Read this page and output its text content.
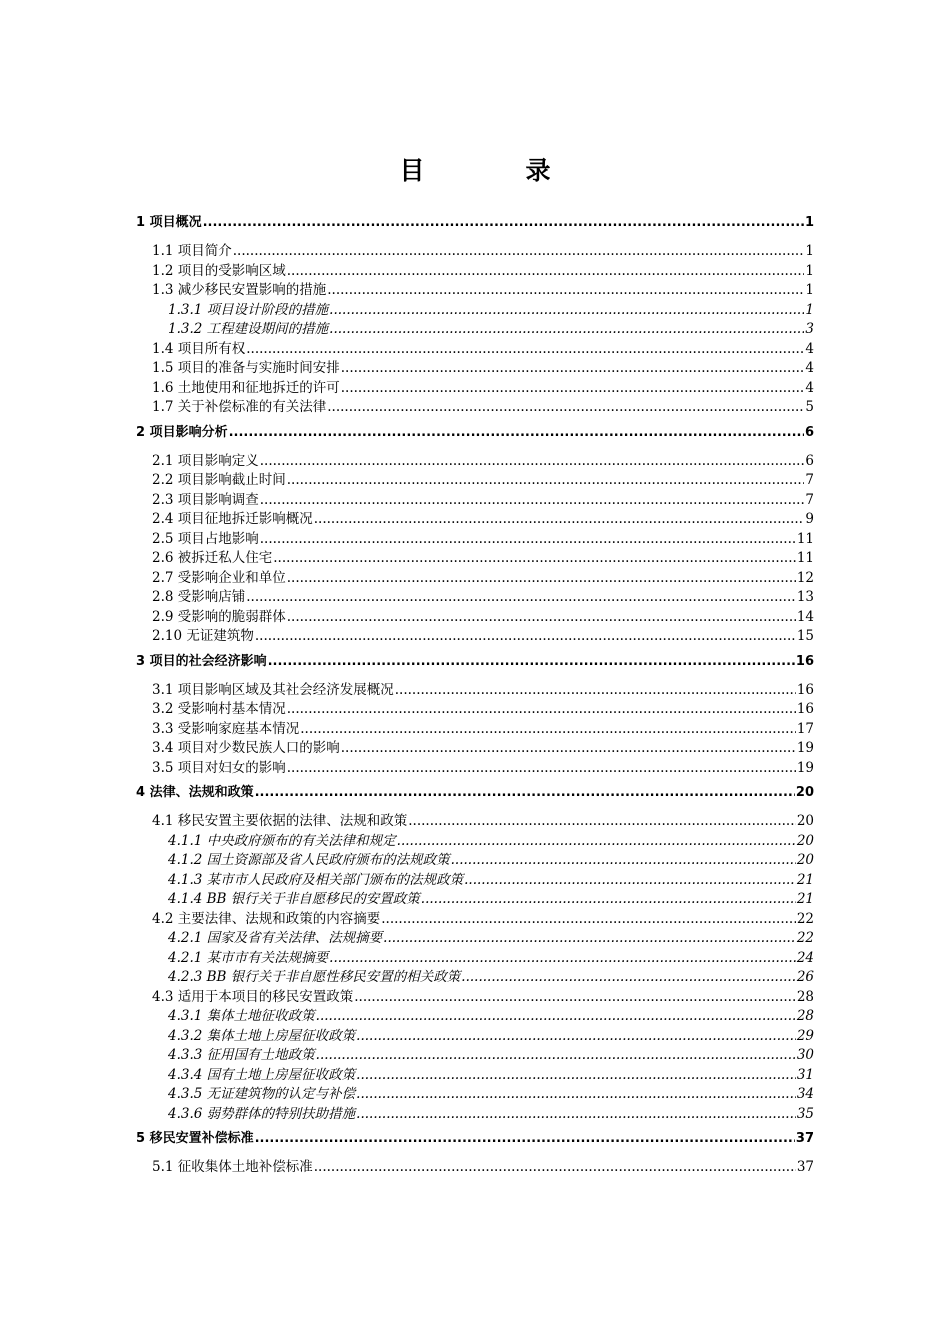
目　录
1 项目概况 .....	1
1.1 项目简介 .....	1
1.2 项目的受影响区域 .....	1
1.3 减少移民安置影响的措施 .....	1
1.3.1 项目设计阶段的措施 .....	1
1.3.2 工程建设期间的措施 .....	3
1.4 项目所有权 .....	4
1.5 项目的准备与实施时间安排 .....	4
1.6 土地使用和征地拆迁的许可 .....	4
1.7 关于补偿标准的有关法律 .....	5
2 项目影响分析 .....	6
2.1 项目影响定义 .....	6
2.2 项目影响截止时间 .....	7
2.3 项目影响调查 .....	7
2.4 项目征地拆迁影响概况 .....	9
2.5 项目占地影响 .....	11
2.6 被拆迁私人住宅 .....	11
2.7 受影响企业和单位 .....	12
2.8 受影响店铺 .....	13
2.9 受影响的脆弱群体 .....	14
2.10 无证建筑物 .....	15
3 项目的社会经济影响 .....	16
3.1 项目影响区域及其社会经济发展概况 .....	16
3.2 受影响村基本情况 .....	16
3.3 受影响家庭基本情况 .....	17
3.4 项目对少数民族人口的影响 .....	19
3.5 项目对妇女的影响 .....	19
4 法律、法规和政策 .....	20
4.1 移民安置主要依据的法律、法规和政策 .....	20
4.1.1 中央政府颁布的有关法律和规定 .....	20
4.1.2 国土资源部及省人民政府颁布的法规政策 .....	20
4.1.3 某市市人民政府及相关部门颁布的法规政策 .....	21
4.1.4 BB 银行关于非自愿移民的安置政策 .....	21
4.2 主要法律、法规和政策的内容摘要 .....	22
4.2.1 国家及省有关法律、法规摘要 .....	22
4.2.1 某市市有关法规摘要 .....	24
4.2.3 BB 银行关于非自愿性移民安置的相关政策 .....	26
4.3 适用于本项目的移民安置政策 .....	28
4.3.1 集体土地征收政策 .....	28
4.3.2 集体土地上房屋征收政策 .....	29
4.3.3 征用国有土地政策 .....	30
4.3.4 国有土地上房屋征收政策 .....	31
4.3.5 无证建筑物的认定与补偿 .....	34
4.3.6 弱势群体的特别扶助措施 .....	35
5 移民安置补偿标准 .....	37
5.1 征收集体土地补偿标准 .....	37
